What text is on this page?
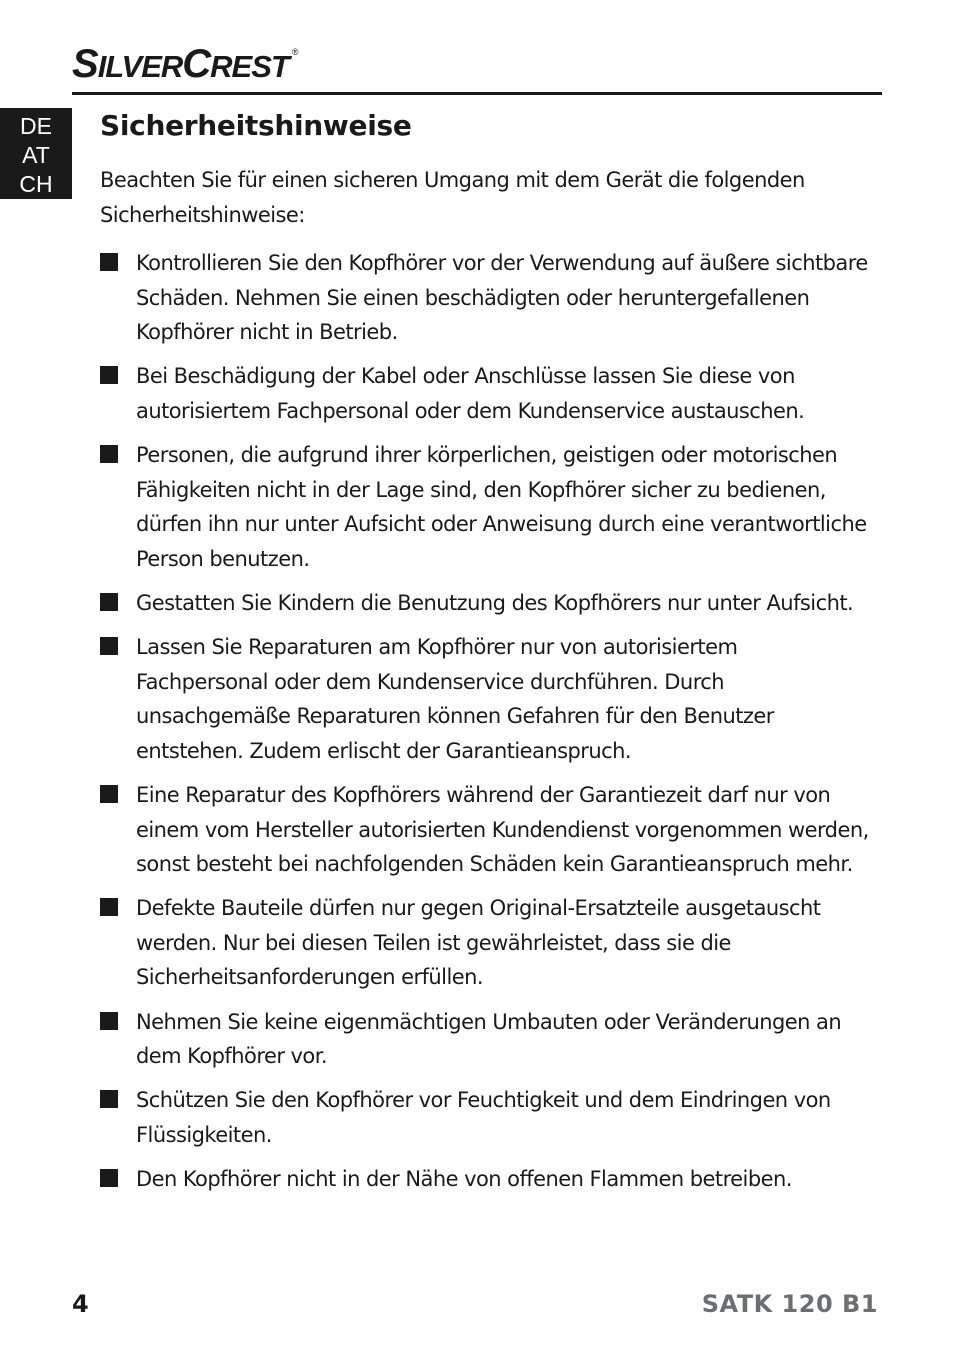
SILVERCREST ®
DE
AT
CH
Sicherheitshinweise

Beachten Sie für einen sicheren Umgang mit dem Gerät die folgenden Sicherheitshinweise:

Kontrollieren Sie den Kopfhörer vor der Verwendung auf äußere sichtbare Schäden. Nehmen Sie einen beschädigten oder heruntergefallenen Kopfhörer nicht in Betrieb.
Bei Beschädigung der Kabel oder Anschlüsse lassen Sie diese von autorisiertem Fachpersonal oder dem Kundenservice austauschen.
Personen, die aufgrund ihrer körperlichen, geistigen oder motorischen Fähigkeiten nicht in der Lage sind, den Kopfhörer sicher zu bedienen, dürfen ihn nur unter Aufsicht oder Anweisung durch eine verantwortliche Person benutzen.
Gestatten Sie Kindern die Benutzung des Kopfhörers nur unter Aufsicht.
Lassen Sie Reparaturen am Kopfhörer nur von autorisiertem Fachpersonal oder dem Kundenservice durchführen. Durch unsachgemäße Reparaturen können Gefahren für den Benutzer entstehen. Zudem erlischt der Garantieanspruch.
Eine Reparatur des Kopfhörers während der Garantiezeit darf nur von einem vom Hersteller autorisierten Kundendienst vorgenommen werden, sonst besteht bei nachfolgenden Schäden kein Garantieanspruch mehr.
Defekte Bauteile dürfen nur gegen Original-Ersatzteile ausgetauscht werden. Nur bei diesen Teilen ist gewährleistet, dass sie die Sicherheitsanforderungen erfüllen.
Nehmen Sie keine eigenmächtigen Umbauten oder Veränderungen an dem Kopfhörer vor.
Schützen Sie den Kopfhörer vor Feuchtigkeit und dem Eindringen von Flüssigkeiten.
Den Kopfhörer nicht in der Nähe von offenen Flammen betreiben.
4	SATK 120 B1
